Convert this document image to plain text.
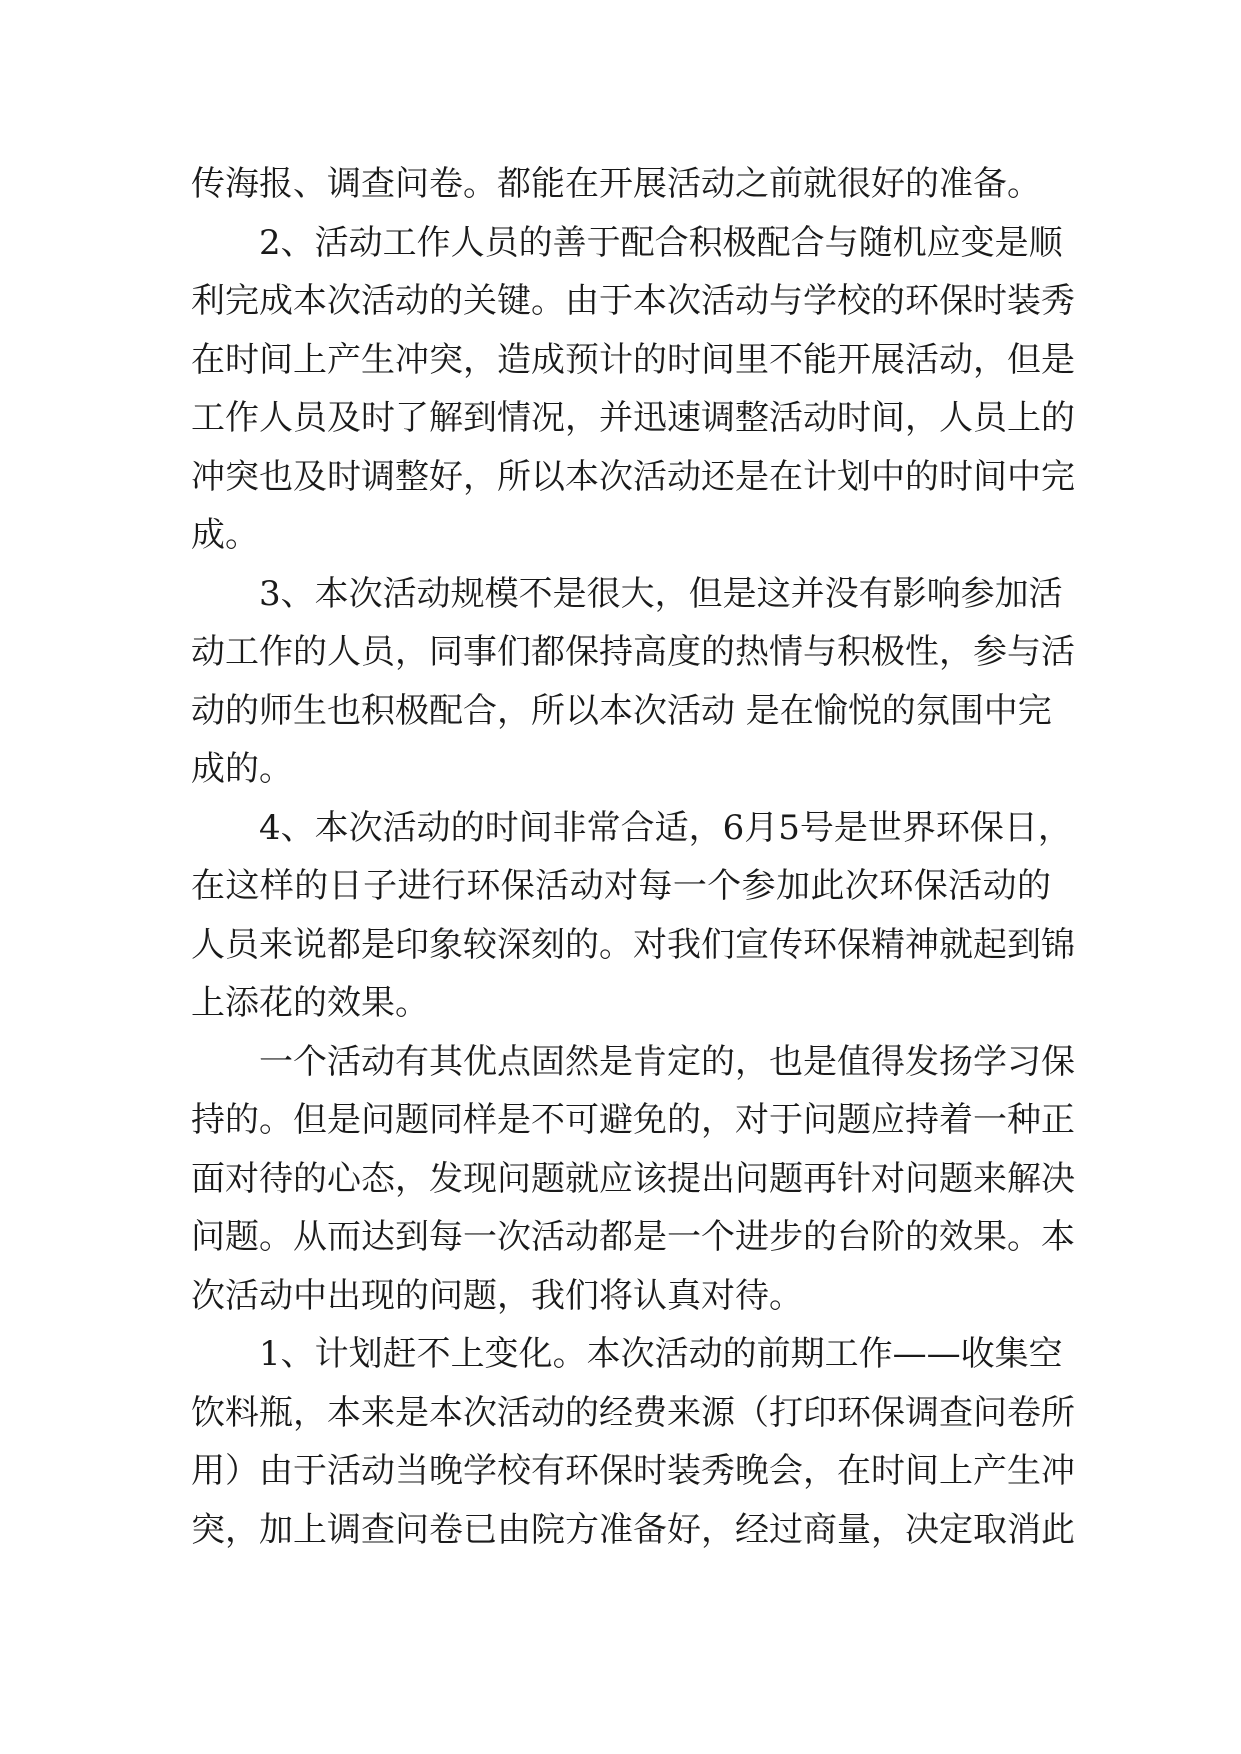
传海报、调查问卷。都能在开展活动之前就很好的准备。
2、活动工作人员的善于配合积极配合与随机应变是顺
利完成本次活动的关键。由于本次活动与学校的环保时装秀
在时间上产生冲突，造成预计的时间里不能开展活动，但是
工作人员及时了解到情况，并迅速调整活动时间，人员上的
冲突也及时调整好，所以本次活动还是在计划中的时间中完
成。
3、本次活动规模不是很大，但是这并没有影响参加活
动工作的人员，同事们都保持高度的热情与积极性，参与活
动的师生也积极配合，所以本次活动 是在愉悦的氛围中完
成的。
4、本次活动的时间非常合适，6月5号是世界环保日，
在这样的日子进行环保活动对每一个参加此次环保活动的
人员来说都是印象较深刻的。对我们宣传环保精神就起到锦
上添花的效果。
一个活动有其优点固然是肯定的，也是值得发扬学习保
持的。但是问题同样是不可避免的，对于问题应持着一种正
面对待的心态，发现问题就应该提出问题再针对问题来解决
问题。从而达到每一次活动都是一个进步的台阶的效果。本
次活动中出现的问题，我们将认真对待。
1、计划赶不上变化。本次活动的前期工作——收集空
饮料瓶，本来是本次活动的经费来源（打印环保调查问卷所
用）由于活动当晚学校有环保时装秀晚会，在时间上产生冲
突，加上调查问卷已由院方准备好，经过商量，决定取消此
